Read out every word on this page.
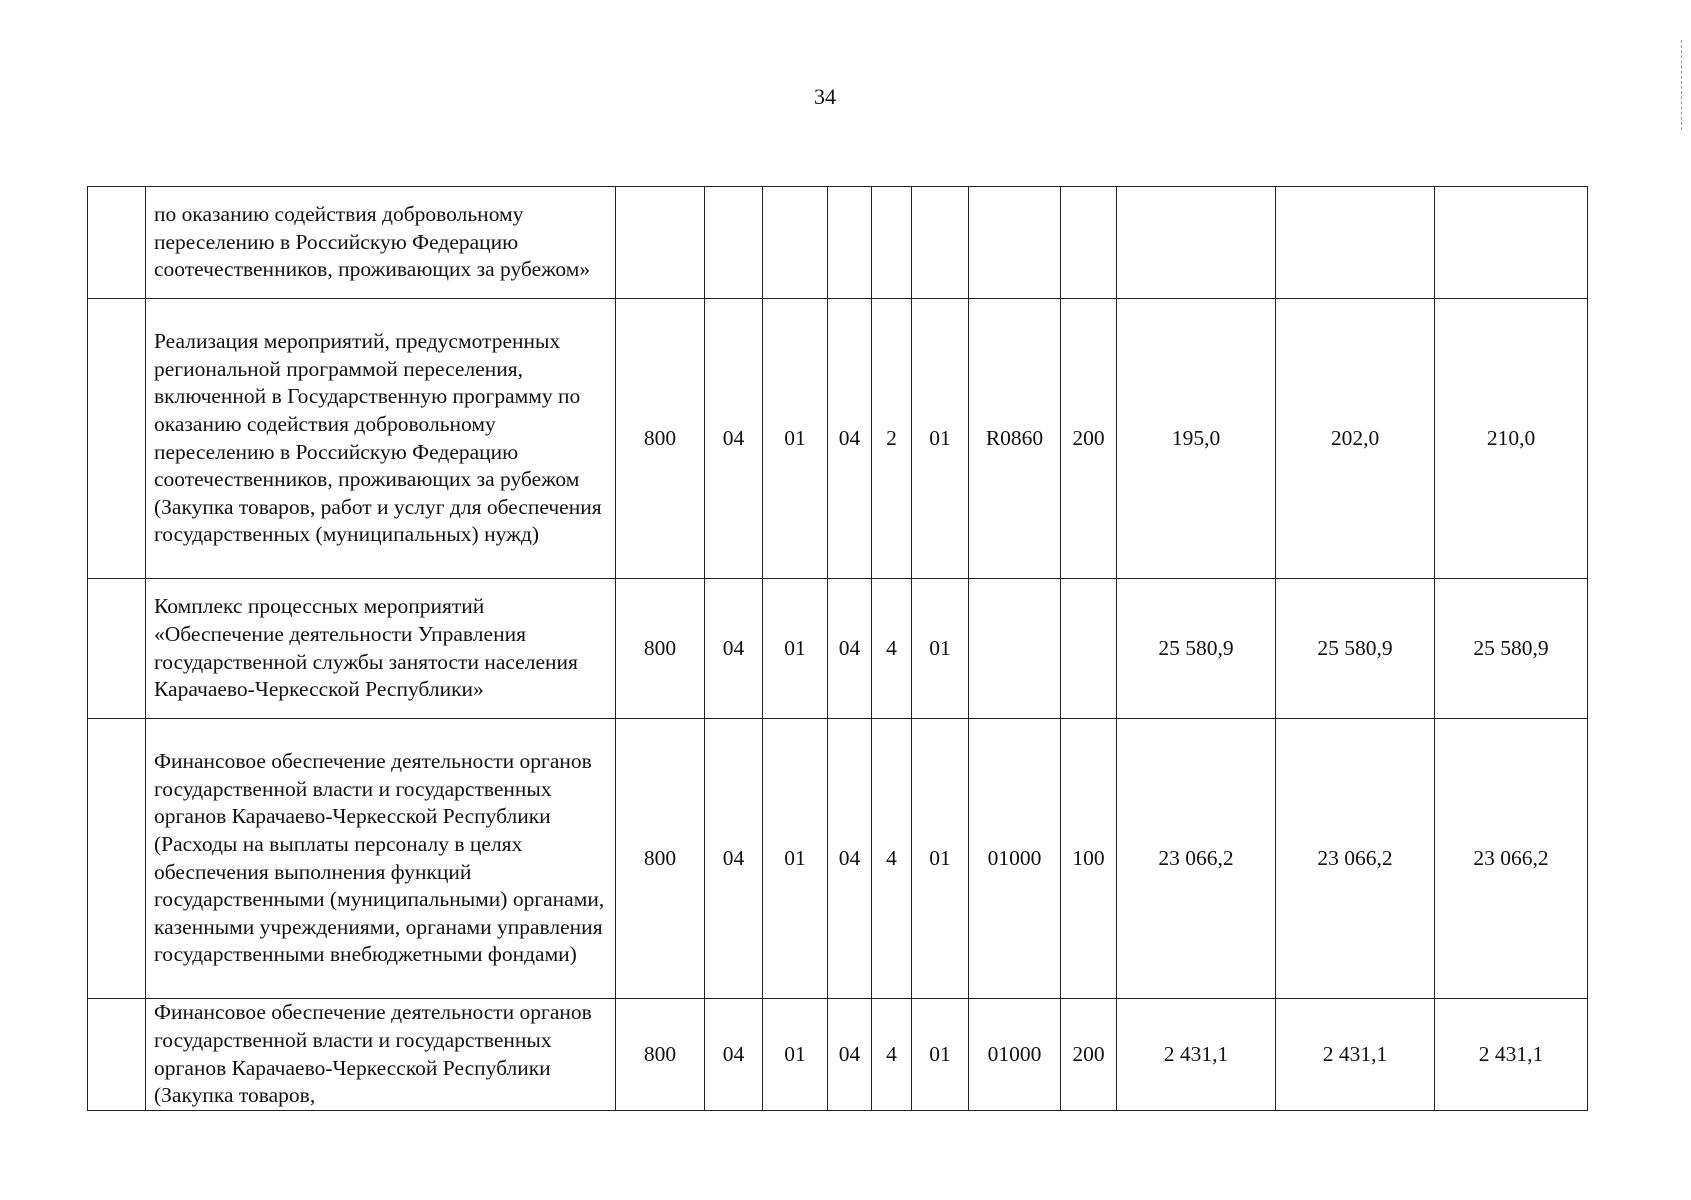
34
	по оказанию содействия добровольному переселению в Российскую Федерацию соотечественников, проживающих за рубежом»											
	Реализация мероприятий, предусмотренных региональной программой переселения, включенной в Государственную программу по оказанию содействия добровольному переселению в Российскую Федерацию соотечественников, проживающих за рубежом (Закупка товаров, работ и услуг для обеспечения государственных (муниципальных) нужд)	800	04	01	04	2	01	R0860	200	195,0	202,0	210,0
	Комплекс процессных мероприятий «Обеспечение деятельности Управления государственной службы занятости населения Карачаево-Черкесской Республики»	800	04	01	04	4	01			25 580,9	25 580,9	25 580,9
	Финансовое обеспечение деятельности органов государственной власти и государственных органов Карачаево-Черкесской Республики (Расходы на выплаты персоналу в целях обеспечения выполнения функций государственными (муниципальными) органами, казенными учреждениями, органами управления государственными внебюджетными фондами)	800	04	01	04	4	01	01000	100	23 066,2	23 066,2	23 066,2
	Финансовое обеспечение деятельности органов государственной власти и государственных органов Карачаево-Черкесской Республики (Закупка товаров,	800	04	01	04	4	01	01000	200	2 431,1	2 431,1	2 431,1
